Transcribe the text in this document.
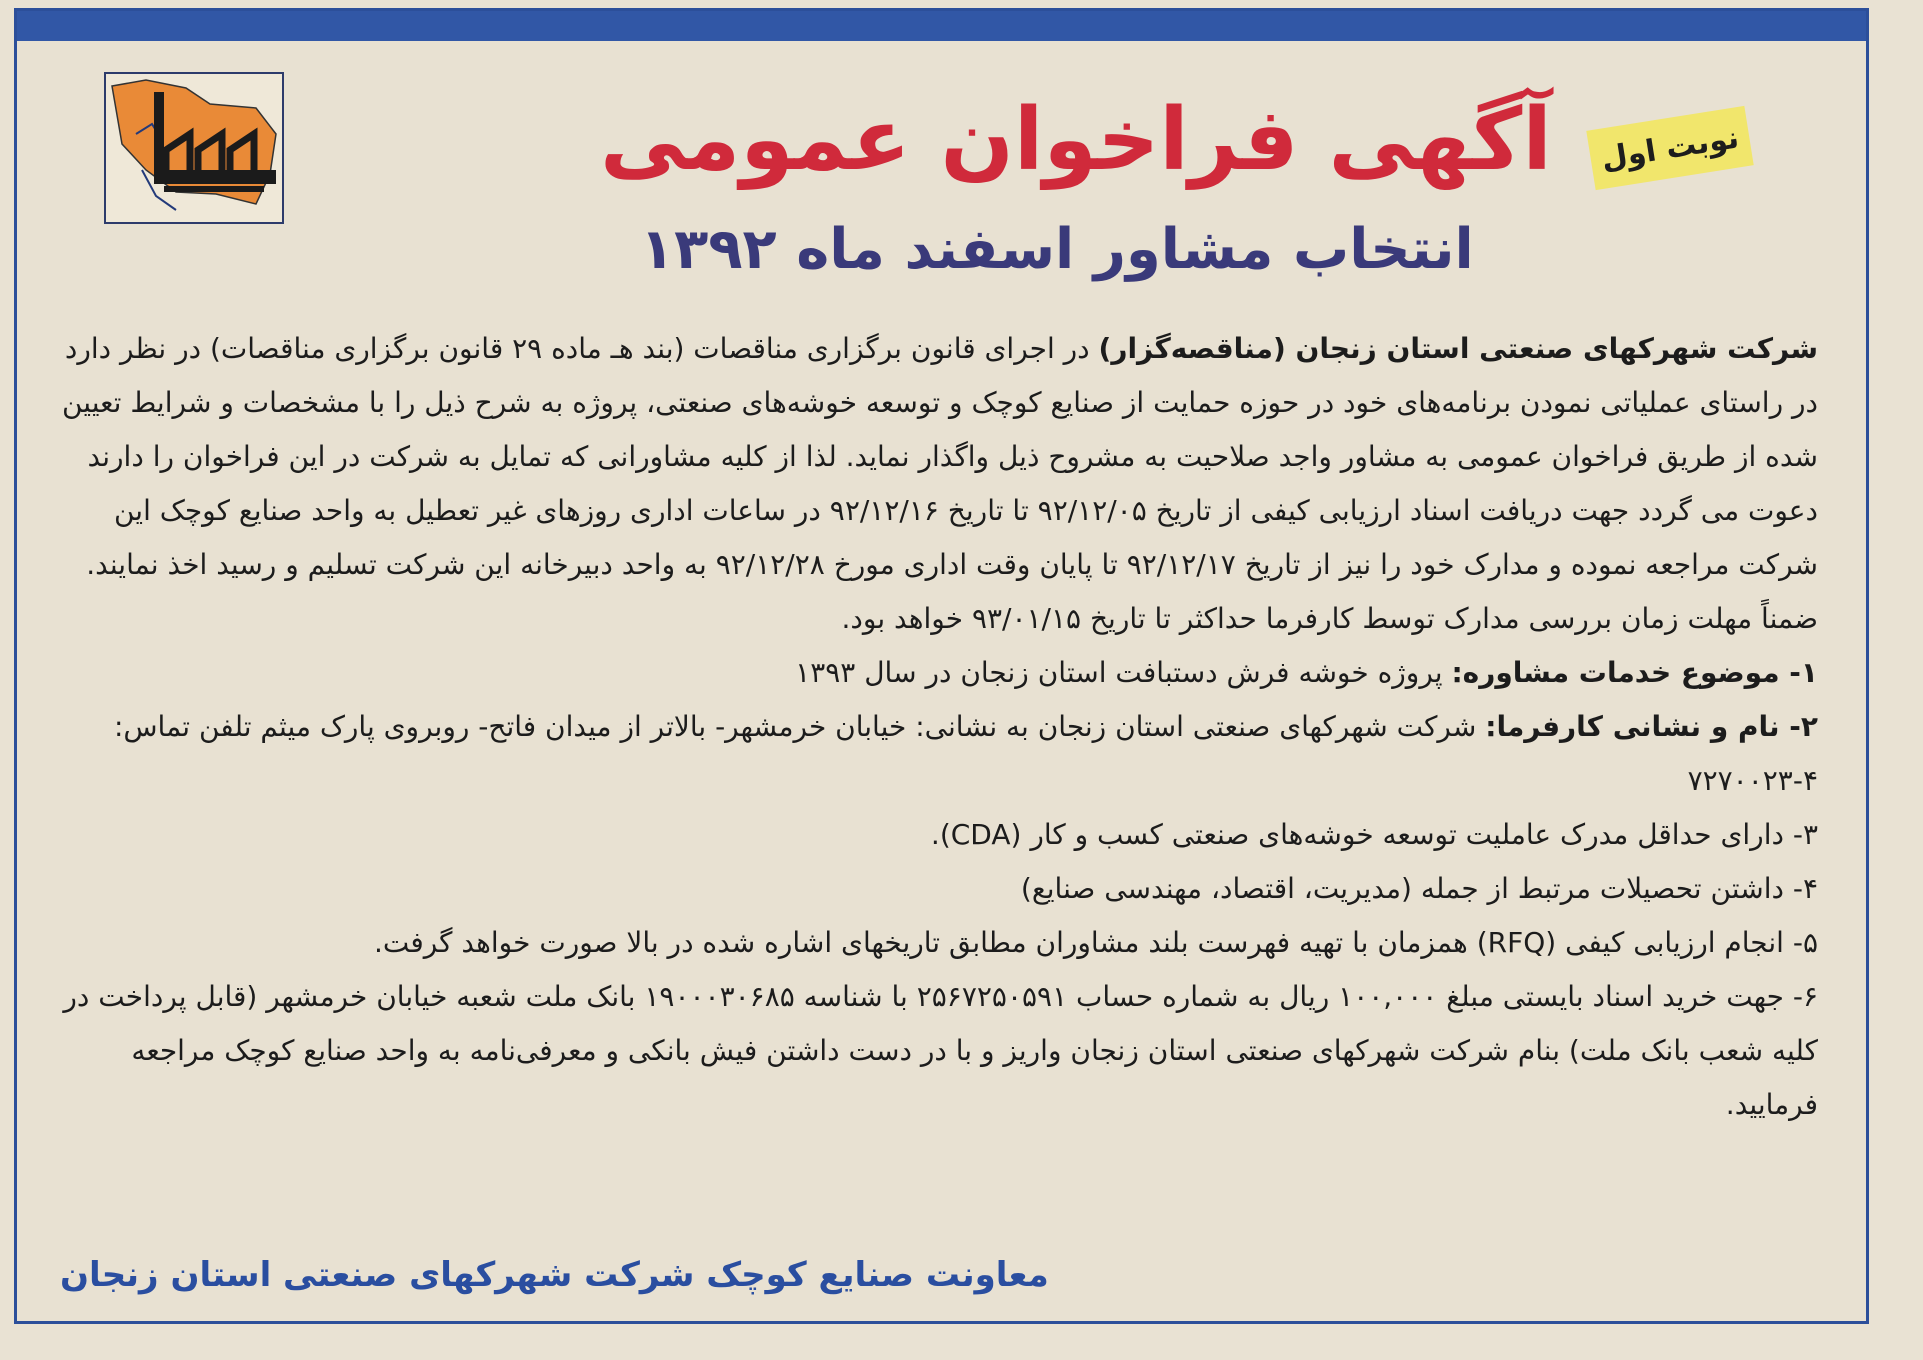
نوبت اول
آگهی فراخوان عمومی
انتخاب مشاور اسفند ماه ۱۳۹۲

شرکت شهرکهای صنعتی استان زنجان (مناقصه‌گزار) در اجرای قانون برگزاری مناقصات (بند هـ ماده ۲۹ قانون برگزاری مناقصات) در نظر دارد در راستای عملیاتی نمودن برنامه‌های خود در حوزه حمایت از صنایع کوچک و توسعه خوشه‌های صنعتی، پروژه به شرح ذیل را با مشخصات و شرایط تعیین شده از طریق فراخوان عمومی به مشاور واجد صلاحیت به مشروح ذیل واگذار نماید. لذا از کلیه مشاورانی که تمایل به شرکت در این فراخوان را دارند دعوت می گردد جهت دریافت اسناد ارزیابی کیفی از تاریخ ۹۲/۱۲/۰۵ تا تاریخ ۹۲/۱۲/۱۶ در ساعات اداری روزهای غیر تعطیل به واحد صنایع کوچک این شرکت مراجعه نموده و مدارک خود را نیز از تاریخ ۹۲/۱۲/۱۷ تا پایان وقت اداری مورخ ۹۲/۱۲/۲۸ به واحد دبیرخانه این شرکت تسلیم و رسید اخذ نمایند. ضمناً مهلت زمان بررسی مدارک توسط کارفرما حداکثر تا تاریخ ۹۳/۰۱/۱۵ خواهد بود.

۱- موضوع خدمات مشاوره: پروژه خوشه فرش دستبافت استان زنجان در سال ۱۳۹۳
۲- نام و نشانی کارفرما: شرکت شهرکهای صنعتی استان زنجان به نشانی: خیابان خرمشهر- بالاتر از میدان فاتح- روبروی پارک میثم تلفن تماس: ۴-۷۲۷۰۰۲۳
۳- دارای حداقل مدرک عاملیت توسعه خوشه‌های صنعتی کسب و کار (CDA).
۴- داشتن تحصیلات مرتبط از جمله (مدیریت، اقتصاد، مهندسی صنایع)
۵- انجام ارزیابی کیفی (RFQ) همزمان با تهیه فهرست بلند مشاوران مطابق تاریخهای اشاره شده در بالا صورت خواهد گرفت.
۶- جهت خرید اسناد بایستی مبلغ ۱۰۰,۰۰۰ ریال به شماره حساب ۲۵۶۷۲۵۰۵۹۱ با شناسه ۱۹۰۰۰۳۰۶۸۵ بانک ملت شعبه خیابان خرمشهر (قابل پرداخت در کلیه شعب بانک ملت) بنام شرکت شهرکهای صنعتی استان زنجان واریز و با در دست داشتن فیش بانکی و معرفی‌نامه به واحد صنایع کوچک مراجعه فرمایید.
معاونت صنایع کوچک شرکت شهرکهای صنعتی استان زنجان
